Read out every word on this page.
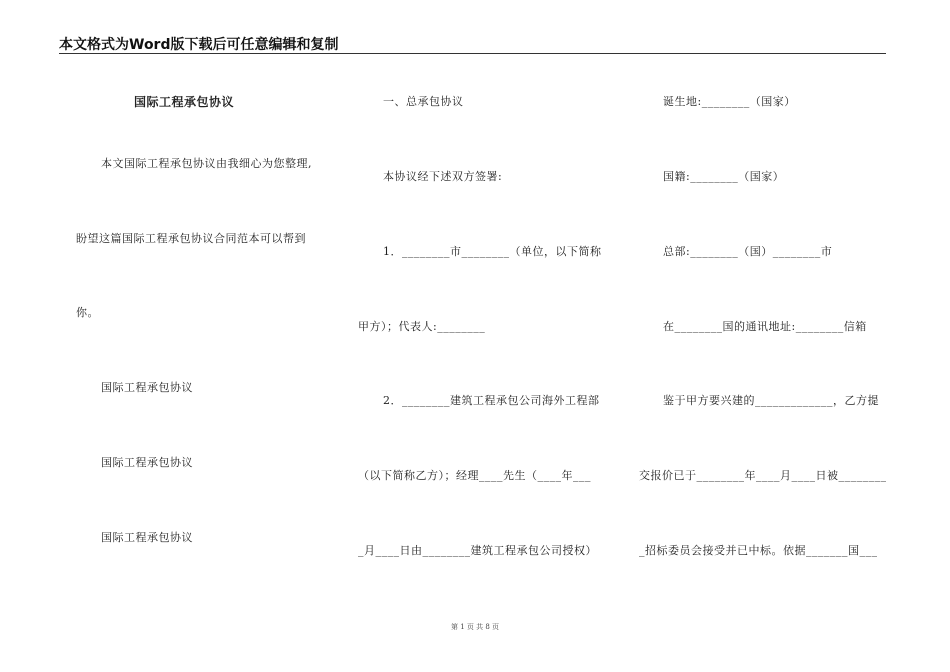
本文格式为Word版下载后可任意编辑和复制
国际工程承包协议
本文国际工程承包协议由我细心为您整理,
盼望这篇国际工程承包协议合同范本可以帮到
你。
国际工程承包协议
国际工程承包协议
国际工程承包协议
一、总承包协议
本协议经下述双方签署:
1．________市________（单位，以下简称
甲方）；代表人:________
2．________建筑工程承包公司海外工程部
（以下简称乙方）；经理____先生（____年___
_月____日由________建筑工程承包公司授权）
诞生地:________（国家）
国籍:________（国家）
总部:________（国）________市
在________国的通讯地址:________信箱
鉴于甲方要兴建的_____________，乙方提
交报价已于________年____月____日被________
_招标委员会接受并已中标。依据_______国___
第 1 页 共 8 页
